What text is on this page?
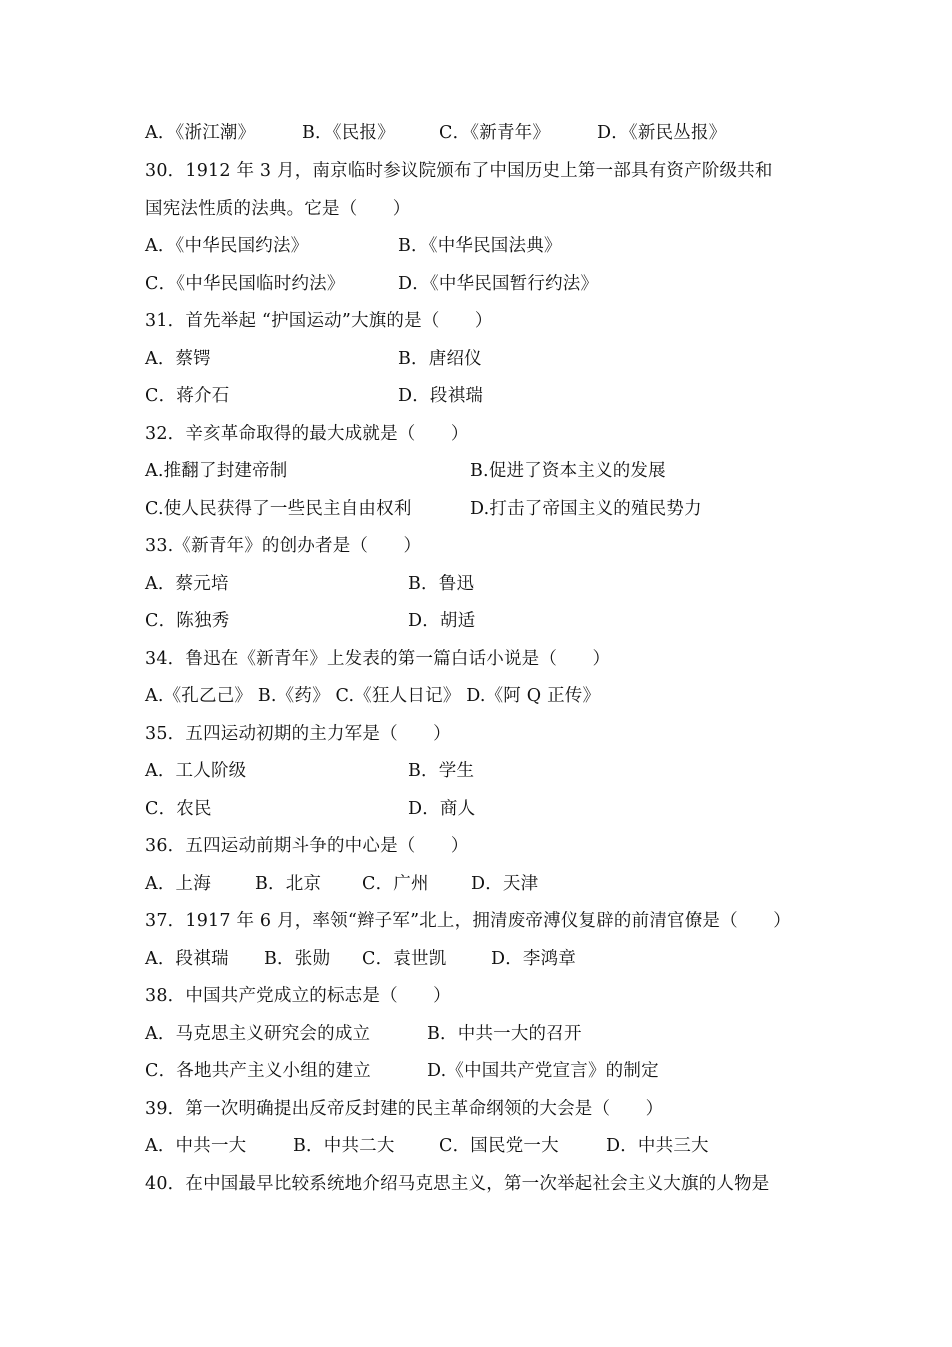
A．《浙江潮》	B．《民报》	C．《新青年》	D．《新民丛报》
30．1912 年 3 月，南京临时参议院颁布了中国历史上第一部具有资产阶级共和
国宪法性质的法典。它是（　　）
A．《中华民国约法》	B．《中华民国法典》
C．《中华民国临时约法》	D．《中华民国暂行约法》
31．首先举起 “护国运动”大旗的是（　　）
A．蔡锷	B．唐绍仪
C．蒋介石	D．段祺瑞
32．辛亥革命取得的最大成就是（　　）
A.推翻了封建帝制	B.促进了资本主义的发展
C.使人民获得了一些民主自由权利	D.打击了帝国主义的殖民势力
33.《新青年》的创办者是（　　）
A．蔡元培	B．鲁迅
C．陈独秀	D．胡适
34．鲁迅在《新青年》上发表的第一篇白话小说是（　　）
A.《孔乙己》 B.《药》 C.《狂人日记》 D.《阿 Q 正传》
35．五四运动初期的主力军是（　　）
A．工人阶级	B．学生
C．农民	D．商人
36．五四运动前期斗争的中心是（　　）
A．上海	B．北京 C．广州 D．天津
37．1917 年 6 月，率领“辫子军”北上，拥清废帝溥仪复辟的前清官僚是（　　）
A．段祺瑞 B．张勋 C．袁世凯	D．李鸿章
38．中国共产党成立的标志是（　　）
A．马克思主义研究会的成立	B．中共一大的召开
C．各地共产主义小组的建立	D.《中国共产党宣言》的制定
39．第一次明确提出反帝反封建的民主革命纲领的大会是（　　）
A．中共一大	B．中共二大	C．国民党一大	D．中共三大
40．在中国最早比较系统地介绍马克思主义，第一次举起社会主义大旗的人物是
